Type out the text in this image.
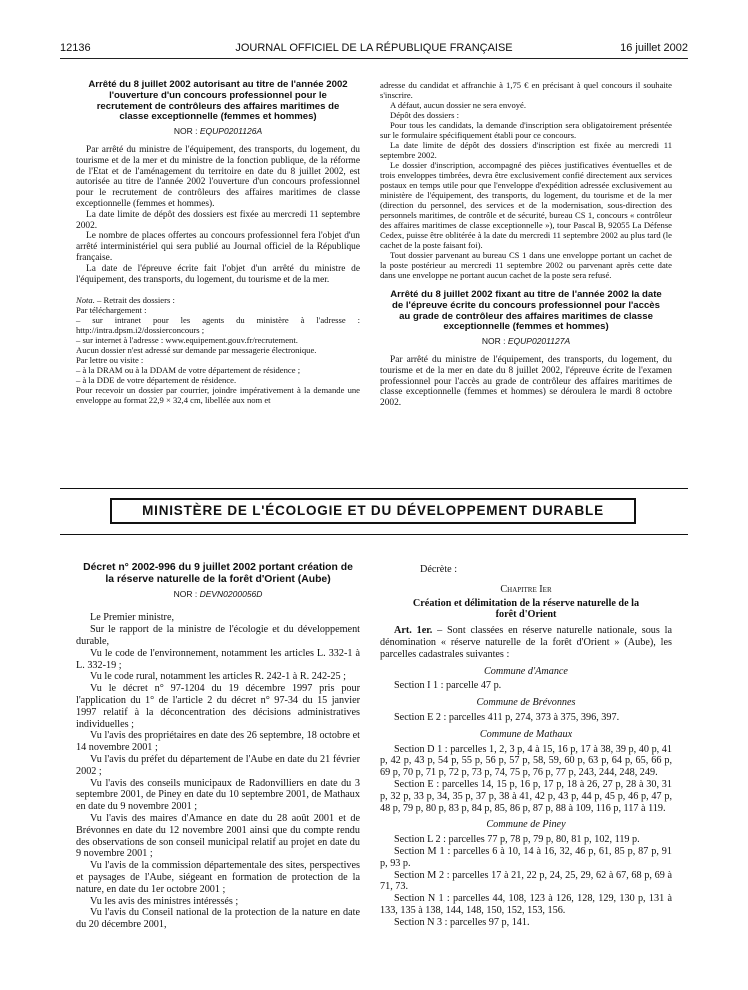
12136	JOURNAL OFFICIEL DE LA RÉPUBLIQUE FRANÇAISE	16 juillet 2002
Arrêté du 8 juillet 2002 autorisant au titre de l'année 2002 l'ouverture d'un concours professionnel pour le recrutement de contrôleurs des affaires maritimes de classe exceptionnelle (femmes et hommes)
NOR : EQUP0201126A

Par arrêté du ministre de l'équipement, des transports, du logement, du tourisme et de la mer et du ministre de la fonction publique, de la réforme de l'Etat et de l'aménagement du territoire en date du 8 juillet 2002, est autorisée au titre de l'année 2002 l'ouverture d'un concours professionnel pour le recrutement de contrôleurs des affaires maritimes de classe exceptionnelle (femmes et hommes).

La date limite de dépôt des dossiers est fixée au mercredi 11 septembre 2002.

Le nombre de places offertes au concours professionnel fera l'objet d'un arrêté interministériel qui sera publié au Journal officiel de la République française.

La date de l'épreuve écrite fait l'objet d'un arrêté du ministre de l'équipement, des transports, du logement, du tourisme et de la mer.

Nota. – Retrait des dossiers :

Par téléchargement :

– sur intranet pour les agents du ministère à l'adresse : http://intra.dpsm.i2/dossierconcours ;

– sur internet à l'adresse : www.equipement.gouv.fr/recrutement.

Aucun dossier n'est adressé sur demande par messagerie électronique.

Par lettre ou visite :

– à la DRAM ou à la DDAM de votre département de résidence ;

– à la DDE de votre département de résidence.

Pour recevoir un dossier par courrier, joindre impérativement à la demande une enveloppe au format 22,9 × 32,4 cm, libellée aux nom et

adresse du candidat et affranchie à 1,75 € en précisant à quel concours il souhaite s'inscrire.

A défaut, aucun dossier ne sera envoyé.

Dépôt des dossiers :

Pour tous les candidats, la demande d'inscription sera obligatoirement présentée sur le formulaire spécifiquement établi pour ce concours.

La date limite de dépôt des dossiers d'inscription est fixée au mercredi 11 septembre 2002.

Le dossier d'inscription, accompagné des pièces justificatives éventuelles et de trois enveloppes timbrées, devra être exclusivement confié directement aux services postaux en temps utile pour que l'enveloppe d'expédition adressée exclusivement au ministère de l'équipement, des transports, du logement, du tourisme et de la mer (direction du personnel, des services et de la modernisation, sous-direction des personnels maritimes, de contrôle et de sécurité, bureau CS 1, concours « contrôleur des affaires maritimes de classe exceptionnelle »), tour Pascal B, 92055 La Défense Cedex, puisse être oblitérée à la date du mercredi 11 septembre 2002 au plus tard (le cachet de la poste faisant foi).

Tout dossier parvenant au bureau CS 1 dans une enveloppe portant un cachet de la poste postérieur au mercredi 11 septembre 2002 ou parvenant après cette date dans une enveloppe ne portant aucun cachet de la poste sera refusé.

Arrêté du 8 juillet 2002 fixant au titre de l'année 2002 la date de l'épreuve écrite du concours professionnel pour l'accès au grade de contrôleur des affaires maritimes de classe exceptionnelle (femmes et hommes)
NOR : EQUP0201127A

Par arrêté du ministre de l'équipement, des transports, du logement, du tourisme et de la mer en date du 8 juillet 2002, l'épreuve écrite de l'examen professionnel pour l'accès au grade de contrôleur des affaires maritimes de classe exceptionnelle (femmes et hommes) se déroulera le mardi 8 octobre 2002.

MINISTÈRE DE L'ÉCOLOGIE ET DU DÉVELOPPEMENT DURABLE
Décret n° 2002-996 du 9 juillet 2002 portant création de la réserve naturelle de la forêt d'Orient (Aube)
NOR : DEVN0200056D

Le Premier ministre,

Sur le rapport de la ministre de l'écologie et du développement durable,

Vu le code de l'environnement, notamment les articles L. 332-1 à L. 332-19 ;

Vu le code rural, notamment les articles R. 242-1 à R. 242-25 ;

Vu le décret n° 97-1204 du 19 décembre 1997 pris pour l'application du 1° de l'article 2 du décret n° 97-34 du 15 janvier 1997 relatif à la déconcentration des décisions administratives individuelles ;

Vu l'avis des propriétaires en date des 26 septembre, 18 octobre et 14 novembre 2001 ;

Vu l'avis du préfet du département de l'Aube en date du 21 février 2002 ;

Vu l'avis des conseils municipaux de Radonvilliers en date du 3 septembre 2001, de Piney en date du 10 septembre 2001, de Mathaux en date du 9 novembre 2001 ;

Vu l'avis des maires d'Amance en date du 28 août 2001 et de Brévonnes en date du 12 novembre 2001 ainsi que du compte rendu des observations de son conseil municipal relatif au projet en date du 9 novembre 2001 ;

Vu l'avis de la commission départementale des sites, perspectives et paysages de l'Aube, siégeant en formation de protection de la nature, en date du 1er octobre 2001 ;

Vu les avis des ministres intéressés ;

Vu l'avis du Conseil national de la protection de la nature en date du 20 décembre 2001,

Décrète :

Chapitre Ier
Création et délimitation de la réserve naturelle de la forêt d'Orient

Art. 1er. – Sont classées en réserve naturelle nationale, sous la dénomination « réserve naturelle de la forêt d'Orient » (Aube), les parcelles cadastrales suivantes :

Commune d'Amance

Section I 1 : parcelle 47 p.

Commune de Brévonnes

Section E 2 : parcelles 411 p, 274, 373 à 375, 396, 397.

Commune de Mathaux

Section D 1 : parcelles 1, 2, 3 p, 4 à 15, 16 p, 17 à 38, 39 p, 40 p, 41 p, 42 p, 43 p, 54 p, 55 p, 56 p, 57 p, 58, 59, 60 p, 63 p, 64 p, 65, 66 p, 69 p, 70 p, 71 p, 72 p, 73 p, 74, 75 p, 76 p, 77 p, 243, 244, 248, 249.

Section E : parcelles 14, 15 p, 16 p, 17 p, 18 à 26, 27 p, 28 à 30, 31 p, 32 p, 33 p, 34, 35 p, 37 p, 38 à 41, 42 p, 43 p, 44 p, 45 p, 46 p, 47 p, 48 p, 79 p, 80 p, 83 p, 84 p, 85, 86 p, 87 p, 88 à 109, 116 p, 117 à 119.

Commune de Piney

Section L 2 : parcelles 77 p, 78 p, 79 p, 80, 81 p, 102, 119 p.

Section M 1 : parcelles 6 à 10, 14 à 16, 32, 46 p, 61, 85 p, 87 p, 91 p, 93 p.

Section M 2 : parcelles 17 à 21, 22 p, 24, 25, 29, 62 à 67, 68 p, 69 à 71, 73.

Section N 1 : parcelles 44, 108, 123 à 126, 128, 129, 130 p, 131 à 133, 135 à 138, 144, 148, 150, 152, 153, 156.

Section N 3 : parcelles 97 p, 141.
